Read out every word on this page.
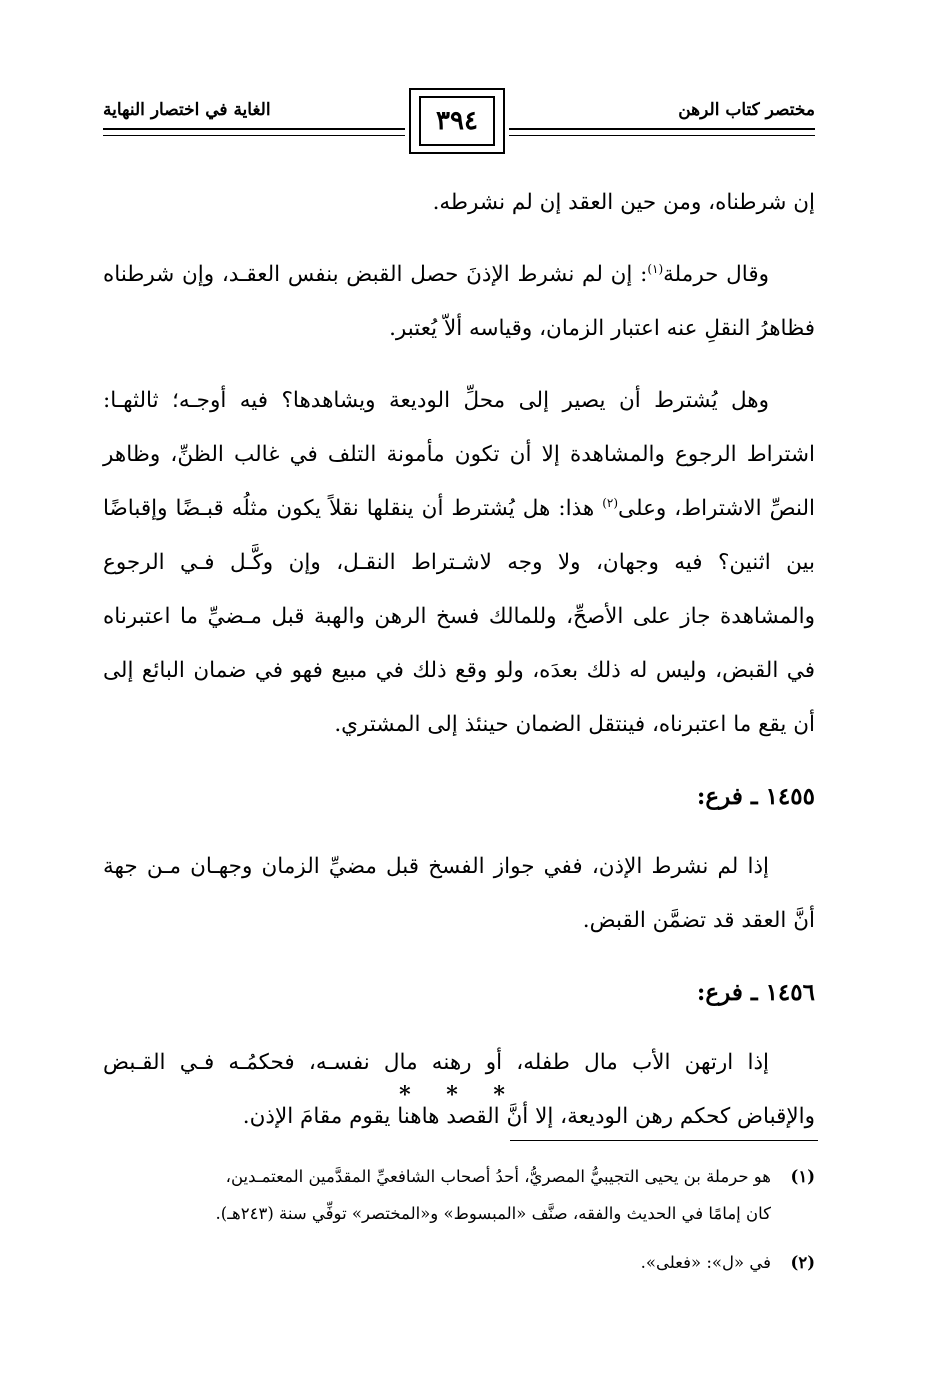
مختصر كتاب الرهن
الغاية في اختصار النهاية	٣٩٤

إن شرطناه، ومن حين العقد إن لم نشرطه.

وقال حرملة$^{(١)}$: إن لم نشرط الإذنَ حصل القبض بنفس العقـد، وإن شرطناه فظاهرُ النقلِ عنه اعتبار الزمان، وقياسه ألاّ يُعتبر.

وهل يُشترط أن يصير إلى محلِّ الوديعة ويشاهدها؟ فيه أوجـه؛ ثالثهـا: اشتراط الرجوع والمشاهدة إلا أن تكون مأمونة التلف في غالب الظنِّ، وظاهر النصِّ الاشتراط، وعلى$^{(٢)}$ هذا: هل يُشترط أن ينقلها نقلاً يكون مثلُه قبـضًا وإقباضًا بين اثنين؟ فيه وجهان، ولا وجه لاشـتراط النقـل، وإن وكَّـل فـي الرجوع والمشاهدة جاز على الأصحِّ، وللمالك فسخ الرهن والهبة قبل مـضيِّ ما اعتبرناه في القبض، وليس له ذلك بعدَه، ولو وقع ذلك في مبيع فهو في ضمان البائع إلى أن يقع ما اعتبرناه، فينتقل الضمان حينئذ إلى المشتري.

١٤٥٥ ـ فرع:

إذا لم نشرط الإذن، ففي جواز الفسخ قبل مضيِّ الزمان وجهـان مـن جهة أنَّ العقد قد تضمَّن القبض.

١٤٥٦ ـ فرع:

إذا ارتهن الأب مال طفله، أو رهنه مال نفسـه، فحكمُـه فـي القـبض والإقباض كحكم رهن الوديعة، إلا أنَّ القصد هاهنا يقوم مقامَ الإذن.

* * *

(١)هو حرملة بن يحيى التجيبيُّ المصريُّ، أحدُ أصحاب الشافعيِّ المقدَّمين المعتمـدين،

كان إمامًا في الحديث والفقه، صنَّف «المبسوط» و«المختصر» توفِّي سنة (٢٤٣هـ).

(٢)في «ل»: «فعلى».
